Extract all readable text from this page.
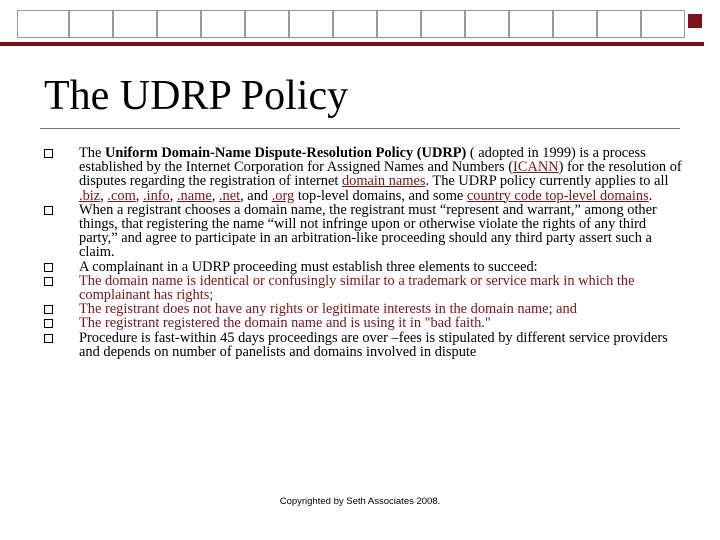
The UDRP Policy
The Uniform Domain-Name Dispute-Resolution Policy (UDRP) ( adopted in 1999) is a process established by the Internet Corporation for Assigned Names and Numbers (ICANN) for the resolution of disputes regarding the registration of internet domain names. The UDRP policy currently applies to all .biz, .com, .info, .name, .net, and .org top-level domains, and some country code top-level domains.
When a registrant chooses a domain name, the registrant must “represent and warrant,” among other things, that registering the name “will not infringe upon or otherwise violate the rights of any third party,” and agree to participate in an arbitration-like proceeding should any third party assert such a claim.
A complainant in a UDRP proceeding must establish three elements to succeed:
The domain name is identical or confusingly similar to a trademark or service mark in which the complainant has rights;
The registrant does not have any rights or legitimate interests in the domain name; and
The registrant registered the domain name and is using it in "bad faith."
Procedure is fast-within 45 days proceedings are over –fees is stipulated by different service providers and depends on number of panelists and domains involved in dispute
Copyrighted by Seth Associates 2008.
